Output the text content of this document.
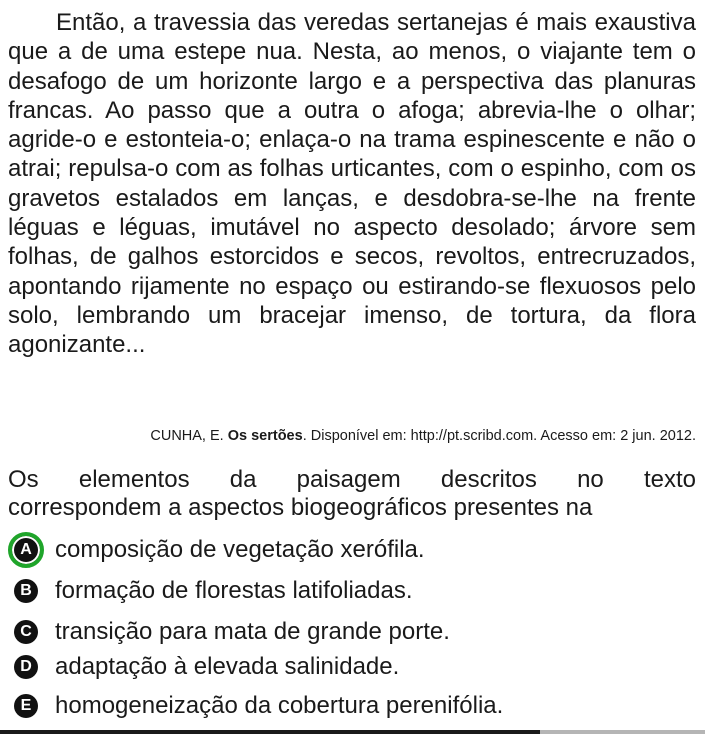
Então, a travessia das veredas sertanejas é mais exaustiva que a de uma estepe nua. Nesta, ao menos, o viajante tem o desafogo de um horizonte largo e a perspectiva das planuras francas. Ao passo que a outra o afoga; abrevia-lhe o olhar; agride-o e estonteia-o; enlaça-o na trama espinescente e não o atrai; repulsa-o com as folhas urticantes, com o espinho, com os gravetos estalados em lanças, e desdobra-se-lhe na frente léguas e léguas, imutável no aspecto desolado; árvore sem folhas, de galhos estorcidos e secos, revoltos, entrecruzados, apontando rijamente no espaço ou estirando-se flexuosos pelo solo, lembrando um bracejar imenso, de tortura, da flora agonizante...

CUNHA, E. Os sertões. Disponível em: http://pt.scribd.com. Acesso em: 2 jun. 2012.

Os elementos da paisagem descritos no texto
correspondem a aspectos biogeográficos presentes na

A composição de vegetação xerófila.
B formação de florestas latifoliadas.
C transição para mata de grande porte.
D adaptação à elevada salinidade.
E homogeneização da cobertura perenifólia.
